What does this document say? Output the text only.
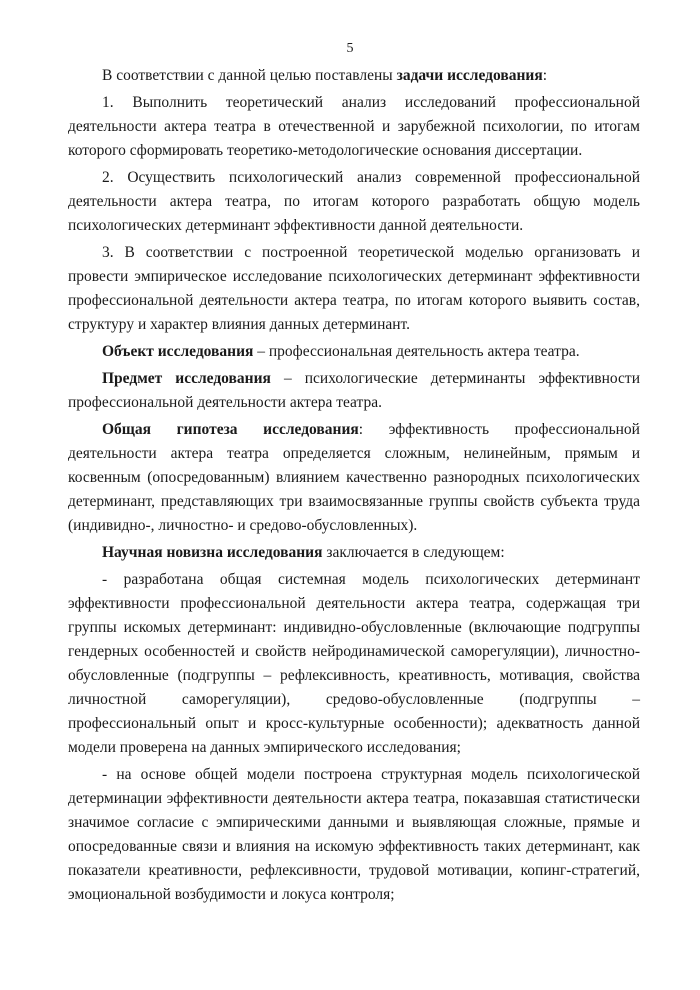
5

В соответствии с данной целью поставлены задачи исследования:

1. Выполнить теоретический анализ исследований профессиональной деятельности актера театра в отечественной и зарубежной психологии, по итогам которого сформировать теоретико-методологические основания диссертации.

2. Осуществить психологический анализ современной профессиональной деятельности актера театра, по итогам которого разработать общую модель психологических детерминант эффективности данной деятельности.

3. В соответствии с построенной теоретической моделью организовать и провести эмпирическое исследование психологических детерминант эффективности профессиональной деятельности актера театра, по итогам которого выявить состав, структуру и характер влияния данных детерминант.

Объект исследования – профессиональная деятельность актера театра.

Предмет исследования – психологические детерминанты эффективности профессиональной деятельности актера театра.

Общая гипотеза исследования: эффективность профессиональной деятельности актера театра определяется сложным, нелинейным, прямым и косвенным (опосредованным) влиянием качественно разнородных психологических детерминант, представляющих три взаимосвязанные группы свойств субъекта труда (индивидно-, личностно- и средово-обусловленных).

Научная новизна исследования заключается в следующем:

- разработана общая системная модель психологических детерминант эффективности профессиональной деятельности актера театра, содержащая три группы искомых детерминант: индивидно-обусловленные (включающие подгруппы гендерных особенностей и свойств нейродинамической саморегуляции), личностно-обусловленные (подгруппы – рефлексивность, креативность, мотивация, свойства личностной саморегуляции), средово-обусловленные (подгруппы – профессиональный опыт и кросс-культурные особенности); адекватность данной модели проверена на данных эмпирического исследования;

- на основе общей модели построена структурная модель психологической детерминации эффективности деятельности актера театра, показавшая статистически значимое согласие с эмпирическими данными и выявляющая сложные, прямые и опосредованные связи и влияния на искомую эффективность таких детерминант, как показатели креативности, рефлексивности, трудовой мотивации, копинг-стратегий, эмоциональной возбудимости и локуса контроля;
